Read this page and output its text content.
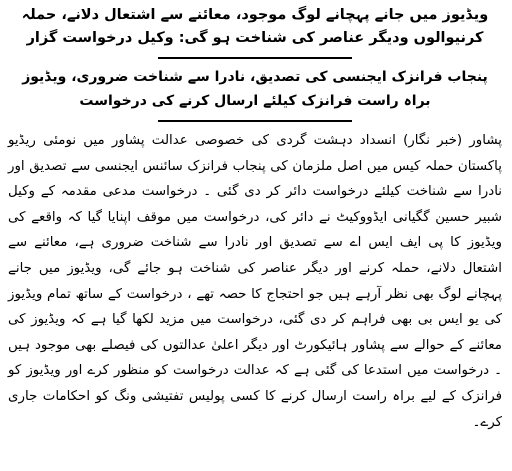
ویڈیوز میں جانے پہچانے لوگ موجود، معائنے سے اشتعال دلانے، حملہ کرنیوالوں ودیگر عناصر کی شناخت ہو گی: وکیل درخواست گزار

پنجاب فرانزک ایجنسی کی تصدیق، نادرا سے شناخت ضروری، ویڈیوز براہ راست فرانزک کیلئے ارسال کرنے کی درخواست

پشاور (خبر نگار) انسداد دہشت گردی کی خصوصی عدالت پشاور میں نومئی ریڈیو پاکستان حملہ کیس میں اصل ملزمان کی پنجاب فرانزک سائنس ایجنسی سے تصدیق اور نادرا سے شناخت کیلئے درخواست دائر کر دی گئی ۔ درخواست مدعی مقدمہ کے وکیل شبیر حسین گگیانی ایڈووکیٹ نے دائر کی، درخواست میں موقف اپنایا گیا کہ واقعے کی ویڈیوز کا پی ایف ایس اے سے تصدیق اور نادرا سے شناخت ضروری ہے، معائنے سے اشتعال دلانے، حملہ کرنے اور دیگر عناصر کی شناخت ہو جائے گی، ویڈیوز میں جانے پہچانے لوگ بھی نظر آرہے ہیں جو احتجاج کا حصہ تھے ، درخواست کے ساتھ تمام ویڈیوز کی یو ایس بی بھی فراہم کر دی گئی، درخواست میں مزید لکھا گیا ہے کہ ویڈیوز کی معائنے کے حوالے سے پشاور ہائیکورٹ اور دیگر اعلیٰ عدالتوں کی فیصلے بھی موجود ہیں ۔ درخواست میں استدعا کی گئی ہے کہ عدالت درخواست کو منظور کرے اور ویڈیوز کو فرانزک کے لیے براہ راست ارسال کرنے کا کسی پولیس تفتیشی ونگ کو احکامات جاری کرے۔
